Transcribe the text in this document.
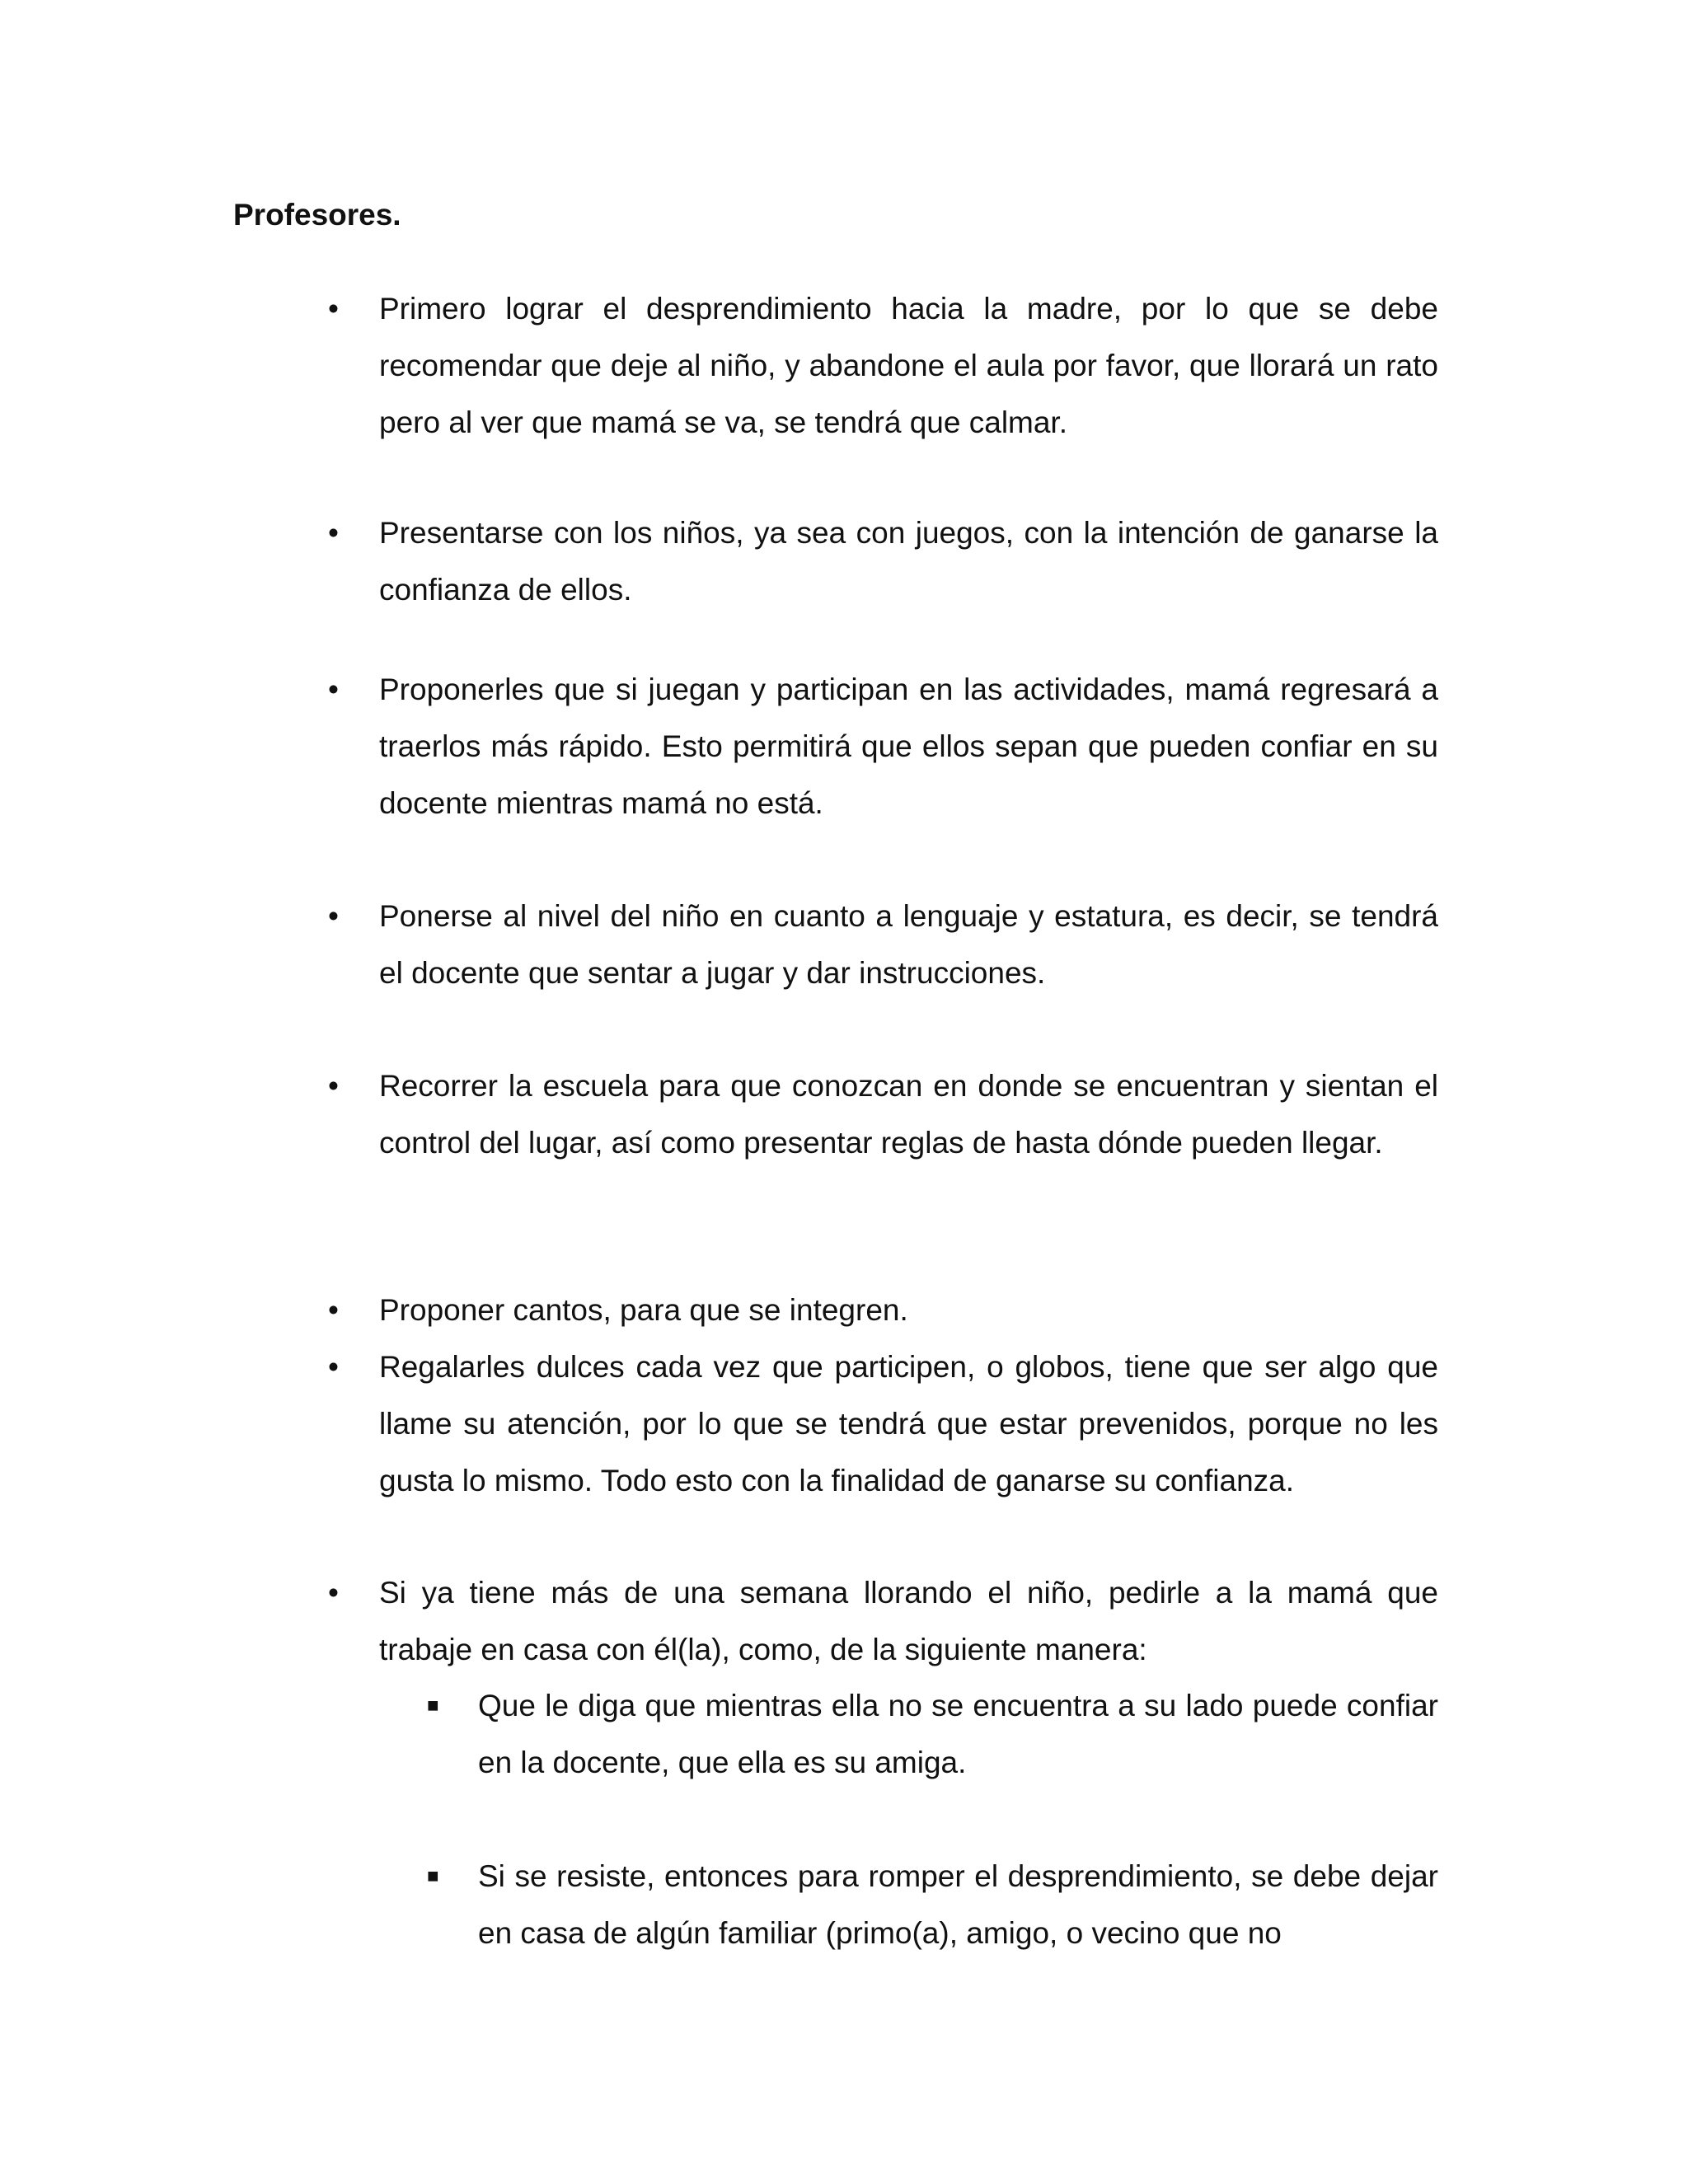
Profesores.
•	Primero lograr el desprendimiento hacia la madre, por lo que se debe recomendar que deje al niño, y abandone el aula por favor, que llorará un rato pero al ver que mamá se va, se tendrá que calmar.
•	Presentarse con los niños, ya sea con juegos, con la intención de ganarse la confianza de ellos.
•	Proponerles que si juegan y participan en las actividades, mamá regresará a traerlos más rápido. Esto permitirá que ellos sepan que pueden confiar en su docente mientras mamá no está.
•	Ponerse al nivel del niño en cuanto a lenguaje y estatura, es decir, se tendrá el docente que sentar a jugar y dar instrucciones.
•	Recorrer la escuela para que conozcan en donde se encuentran y sientan el control del lugar, así como presentar reglas de hasta dónde pueden llegar.
•	Proponer cantos, para que se integren.
•	Regalarles dulces cada vez que participen, o globos, tiene que ser algo que llame su atención, por lo que se tendrá que estar prevenidos, porque no les gusta lo mismo. Todo esto con la finalidad de ganarse su confianza.
•	Si ya tiene más de una semana llorando el niño, pedirle a la mamá que trabaje en casa con él(la), como, de la siguiente manera:
■	Que le diga que mientras ella no se encuentra a su lado puede confiar en la docente, que ella es su amiga.
■	Si se resiste, entonces para romper el desprendimiento, se debe dejar en casa de algún familiar (primo(a), amigo, o vecino que no
